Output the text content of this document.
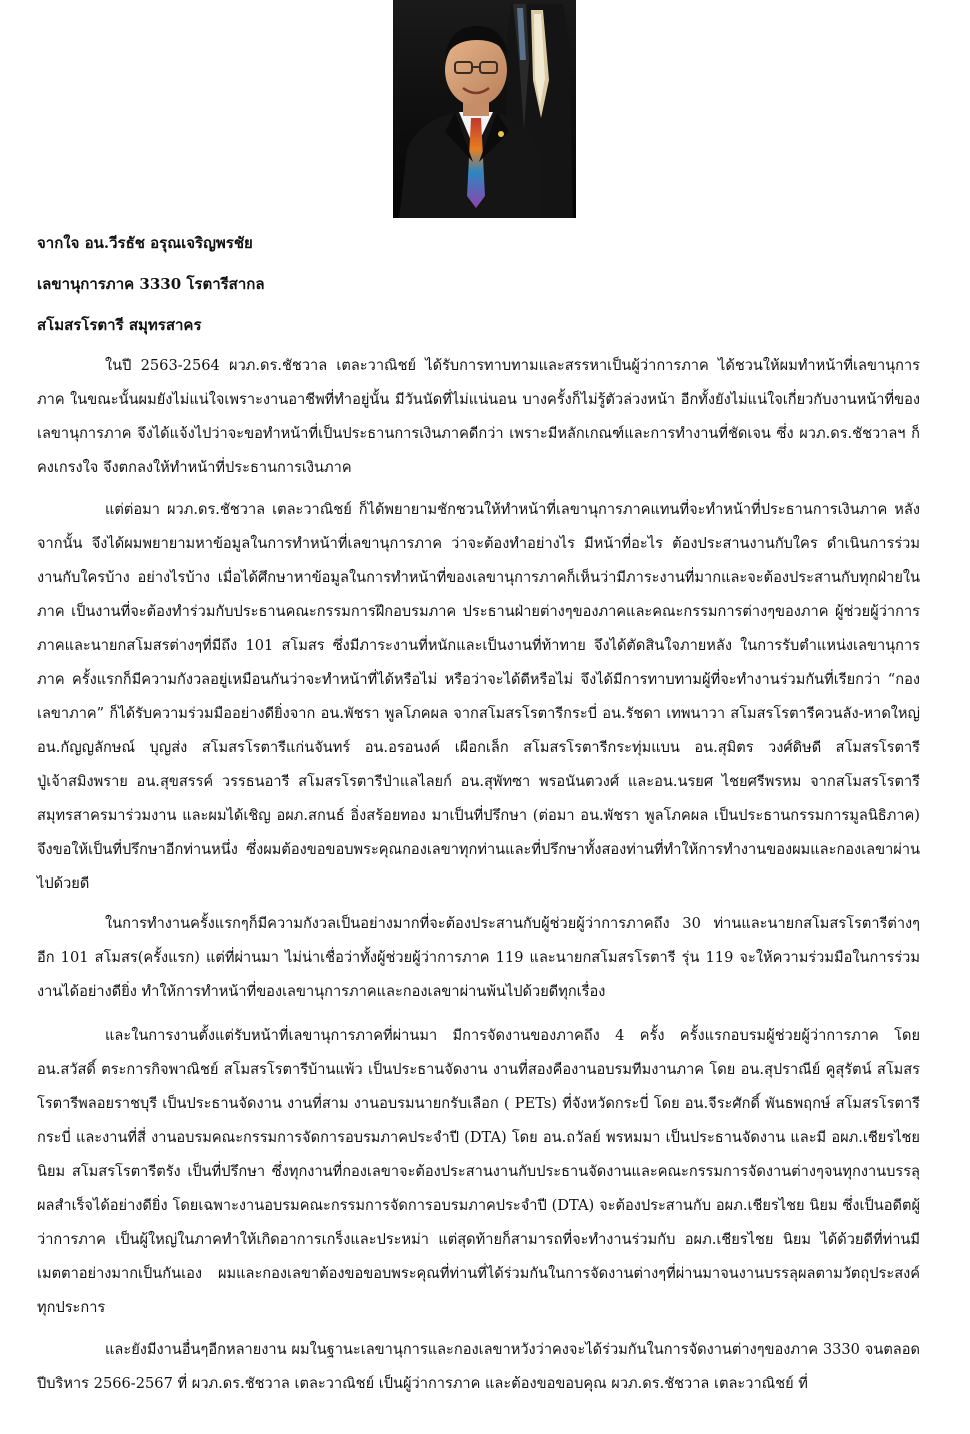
จากใจ อน.วีรธัช อรุณเจริญพรชัย
เลขานุการภาค 3330 โรตารีสากล
สโมสรโรตารี สมุทรสาคร

ในปี 2563-2564 ผวภ.ดร.ชัชวาล เตละวาณิชย์ ได้รับการทาบทามและสรรหาเป็นผู้ว่าการภาค ได้ชวนให้ผมทำหน้าที่เลขานุการภาค ในขณะนั้นผมยังไม่แน่ใจเพราะงานอาชีพที่ทำอยู่นั้น มีวันนัดที่ไม่แน่นอน บางครั้งก็ไม่รู้ตัวล่วงหน้า อีกทั้งยังไม่แน่ใจเกี่ยวกับงานหน้าที่ของเลขานุการภาค จึงได้แจ้งไปว่าจะขอทำหน้าที่เป็นประธานการเงินภาคดีกว่า เพราะมีหลักเกณฑ์และการทำงานที่ชัดเจน ซึ่ง ผวภ.ดร.ชัชวาลฯ ก็คงเกรงใจ จึงตกลงให้ทำหน้าที่ประธานการเงินภาค

แต่ต่อมา ผวภ.ดร.ชัชวาล เตละวาณิชย์ ก็ได้พยายามชักชวนให้ทำหน้าที่เลขานุการภาคแทนที่จะทำหน้าที่ประธานการเงินภาค หลังจากนั้น จึงได้ผมพยายามหาข้อมูลในการทำหน้าที่เลขานุการภาค ว่าจะต้องทำอย่างไร มีหน้าที่อะไร ต้องประสานงานกับใคร ดำเนินการร่วมงานกับใครบ้าง อย่างไรบ้าง เมื่อได้ศึกษาหาข้อมูลในการทำหน้าที่ของเลขานุการภาคก็เห็นว่ามีภาระงานที่มากและจะต้องประสานกับทุกฝ่ายในภาค เป็นงานที่จะต้องทำร่วมกับประธานคณะกรรมการฝึกอบรมภาค ประธานฝ่ายต่างๆของภาคและคณะกรรมการต่างๆของภาค ผู้ช่วยผู้ว่าการภาคและนายกสโมสรต่างๆที่มีถึง 101 สโมสร ซึ่งมีภาระงานที่หนักและเป็นงานที่ท้าทาย จึงได้ตัดสินใจภายหลัง ในการรับตำแหน่งเลขานุการภาค ครั้งแรกก็มีความกังวลอยู่เหมือนกันว่าจะทำหน้าที่ได้หรือไม่ หรือว่าจะได้ดีหรือไม่ จึงได้มีการทาบทามผู้ที่จะทำงานร่วมกันที่เรียกว่า “กองเลขาภาค” ก็ได้รับความร่วมมืออย่างดียิ่งจาก อน.พัชรา พูลโภคผล จากสโมสรโรตารีกระบี่ อน.รัชดา เทพนาวา สโมสรโรตารีควนลัง-หาดใหญ่ อน.กัญญลักษณ์ บุญส่ง สโมสรโรตารีแก่นจันทร์ อน.อรอนงค์ เผือกเล็ก สโมสรโรตารีกระทุ่มแบน อน.สุมิตร วงศ์ดิษดี สโมสรโรตารีปู่เจ้าสมิงพราย อน.สุขสรรค์ วรรธนอารี สโมสรโรตารีป่าแลไลยก์ อน.สุพัทซา พรอนันตวงศ์ และอน.นรยศ ไชยศรีพรหม จากสโมสรโรตารีสมุทรสาครมาร่วมงาน และผมได้เชิญ อผภ.สกนธ์ อิ่งสร้อยทอง มาเป็นที่ปรึกษา (ต่อมา อน.พัชรา พูลโภคผล เป็นประธานกรรมการมูลนิธิภาค) จึงขอให้เป็นที่ปรึกษาอีกท่านหนึ่ง ซึ่งผมต้องขอขอบพระคุณกองเลขาทุกท่านและที่ปรึกษาทั้งสองท่านที่ทำให้การทำงานของผมและกองเลขาผ่านไปด้วยดี

ในการทำงานครั้งแรกๆก็มีความกังวลเป็นอย่างมากที่จะต้องประสานกับผู้ช่วยผู้ว่าการภาคถึง 30 ท่านและนายกสโมสรโรตารีต่างๆ อีก 101 สโมสร(ครั้งแรก) แต่ที่ผ่านมา ไม่น่าเชื่อว่าทั้งผู้ช่วยผู้ว่าการภาค 119 และนายกสโมสรโรตารี รุ่น 119 จะให้ความร่วมมือในการร่วมงานได้อย่างดียิ่ง ทำให้การทำหน้าที่ของเลขานุการภาคและกองเลขาผ่านพ้นไปด้วยดีทุกเรื่อง

และในการงานตั้งแต่รับหน้าที่เลขานุการภาคที่ผ่านมา มีการจัดงานของภาคถึง 4 ครั้ง ครั้งแรกอบรมผู้ช่วยผู้ว่าการภาค โดย อน.สวัสดิ์ ตระการกิจพาณิชย์ สโมสรโรตารีบ้านแพ้ว เป็นประธานจัดงาน งานที่สองคืองานอบรมทีมงานภาค โดย อน.สุปราณีย์ คูสุรัตน์ สโมสรโรตารีพลอยราชบุรี เป็นประธานจัดงาน งานที่สาม งานอบรมนายกรับเลือก ( PETs) ที่จังหวัดกระบี่ โดย อน.จีระศักดิ์ พันธพฤกษ์ สโมสรโรตารีกระบี่ และงานที่สี่ งานอบรมคณะกรรมการจัดการอบรมภาคประจำปี (DTA) โดย อน.ถวัลย์ พรหมมา เป็นประธานจัดงาน และมี อผภ.เชียรไชย นิยม สโมสรโรตารีตรัง เป็นที่ปรึกษา ซึ่งทุกงานที่กองเลขาจะต้องประสานงานกับประธานจัดงานและคณะกรรมการจัดงานต่างๆจนทุกงานบรรลุผลสำเร็จได้อย่างดียิ่ง โดยเฉพาะงานอบรมคณะกรรมการจัดการอบรมภาคประจำปี (DTA) จะต้องประสานกับ อผภ.เชียรไชย นิยม ซึ่งเป็นอดีตผู้ว่าการภาค เป็นผู้ใหญ่ในภาคทำให้เกิดอาการเกร็งและประหม่า แต่สุดท้ายก็สามารถที่จะทำงานร่วมกับ อผภ.เชียรไชย นิยม ได้ด้วยดีที่ท่านมีเมตตาอย่างมากเป็นกันเอง ผมและกองเลขาต้องขอขอบพระคุณที่ท่านที่ได้ร่วมกันในการจัดงานต่างๆที่ผ่านมาจนงานบรรลุผลตามวัตถุประสงค์ทุกประการ

และยังมีงานอื่นๆอีกหลายงาน ผมในฐานะเลขานุการและกองเลขาหวังว่าคงจะได้ร่วมกันในการจัดงานต่างๆของภาค 3330 จนตลอดปีบริหาร 2566-2567 ที่ ผวภ.ดร.ชัชวาล เตละวาณิชย์ เป็นผู้ว่าการภาค และต้องขอขอบคุณ ผวภ.ดร.ชัชวาล เตละวาณิชย์ ที่
